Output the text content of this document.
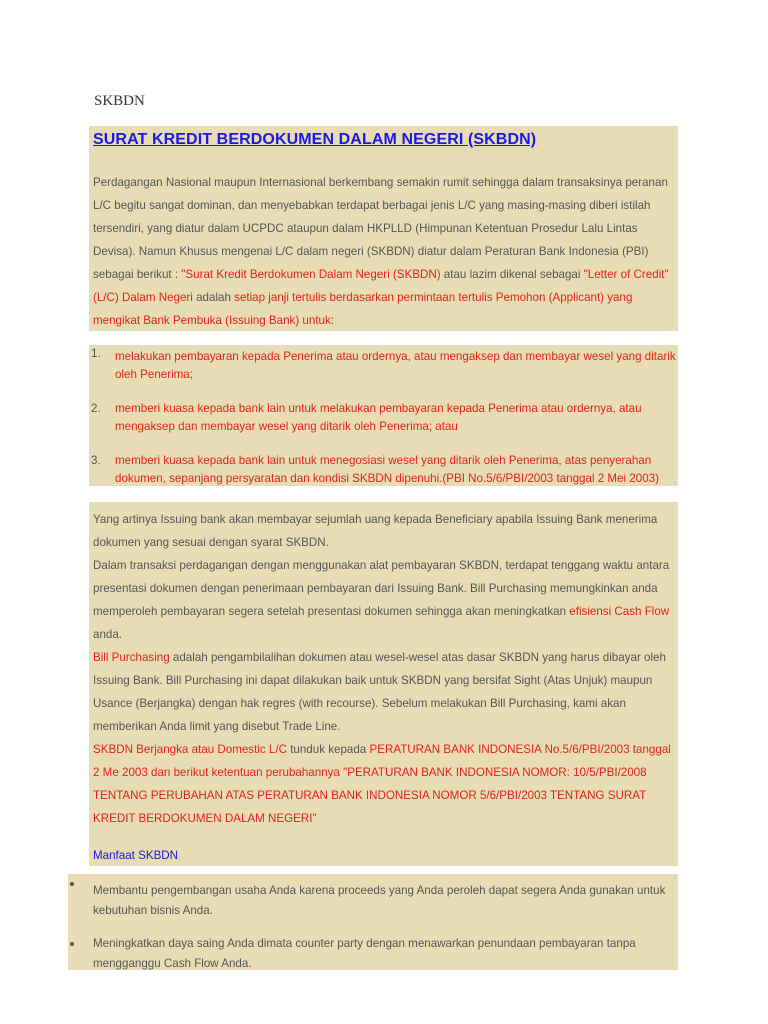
SKBDN

SURAT KREDIT BERDOKUMEN DALAM NEGERI (SKBDN)

Perdagangan Nasional maupun Internasional berkembang semakin rumit sehingga dalam transaksinya peranan L/C begitu sangat dominan, dan menyebabkan terdapat berbagai jenis L/C yang masing-masing diberi istilah tersendiri, yang diatur dalam UCPDC ataupun dalam HKPLLD (Himpunan Ketentuan Prosedur Lalu Lintas Devisa). Namun Khusus mengenai L/C dalam negeri (SKBDN) diatur dalam Peraturan Bank Indonesia (PBI) sebagai berikut : "Surat Kredit Berdokumen Dalam Negeri (SKBDN) atau lazim dikenal sebagai "Letter of Credit" (L/C) Dalam Negeri adalah setiap janji tertulis berdasarkan permintaan tertulis Pemohon (Applicant) yang mengikat Bank Pembuka (Issuing Bank) untuk:

1. melakukan pembayaran kepada Penerima atau ordernya, atau mengaksep dan membayar wesel yang ditarik oleh Penerima;
2. memberi kuasa kepada bank lain untuk melakukan pembayaran kepada Penerima atau ordernya, atau mengaksep dan membayar wesel yang ditarik oleh Penerima; atau
3. memberi kuasa kepada bank lain untuk menegosiasi wesel yang ditarik oleh Penerima, atas penyerahan dokumen, sepanjang persyaratan dan kondisi SKBDN dipenuhi.(PBI No.5/6/PBI/2003 tanggal 2 Mei 2003)

Yang artinya Issuing bank akan membayar sejumlah uang kepada Beneficiary apabila Issuing Bank menerima dokumen yang sesuai dengan syarat SKBDN.
Dalam transaksi perdagangan dengan menggunakan alat pembayaran SKBDN, terdapat tenggang waktu antara presentasi dokumen dengan penerimaan pembayaran dari Issuing Bank. Bill Purchasing memungkinkan anda memperoleh pembayaran segera setelah presentasi dokumen sehingga akan meningkatkan efisiensi Cash Flow anda.
Bill Purchasing adalah pengambilalihan dokumen atau wesel-wesel atas dasar SKBDN yang harus dibayar oleh Issuing Bank. Bill Purchasing ini dapat dilakukan baik untuk SKBDN yang bersifat Sight (Atas Unjuk) maupun Usance (Berjangka) dengan hak regres (with recourse). Sebelum melakukan Bill Purchasing, kami akan memberikan Anda limit yang disebut Trade Line.
SKBDN Berjangka atau Domestic L/C tunduk kepada PERATURAN BANK INDONESIA No.5/6/PBI/2003 tanggal 2 Me 2003 dan berikut ketentuan perubahannya "PERATURAN BANK INDONESIA NOMOR: 10/5/PBI/2008 TENTANG PERUBAHAN ATAS PERATURAN BANK INDONESIA NOMOR 5/6/PBI/2003 TENTANG SURAT KREDIT BERDOKUMEN DALAM NEGERI"
Manfaat SKBDN

Membantu pengembangan usaha Anda karena proceeds yang Anda peroleh dapat segera Anda gunakan untuk kebutuhan bisnis Anda.
Meningkatkan daya saing Anda dimata counter party dengan menawarkan penundaan pembayaran tanpa mengganggu Cash Flow Anda.
